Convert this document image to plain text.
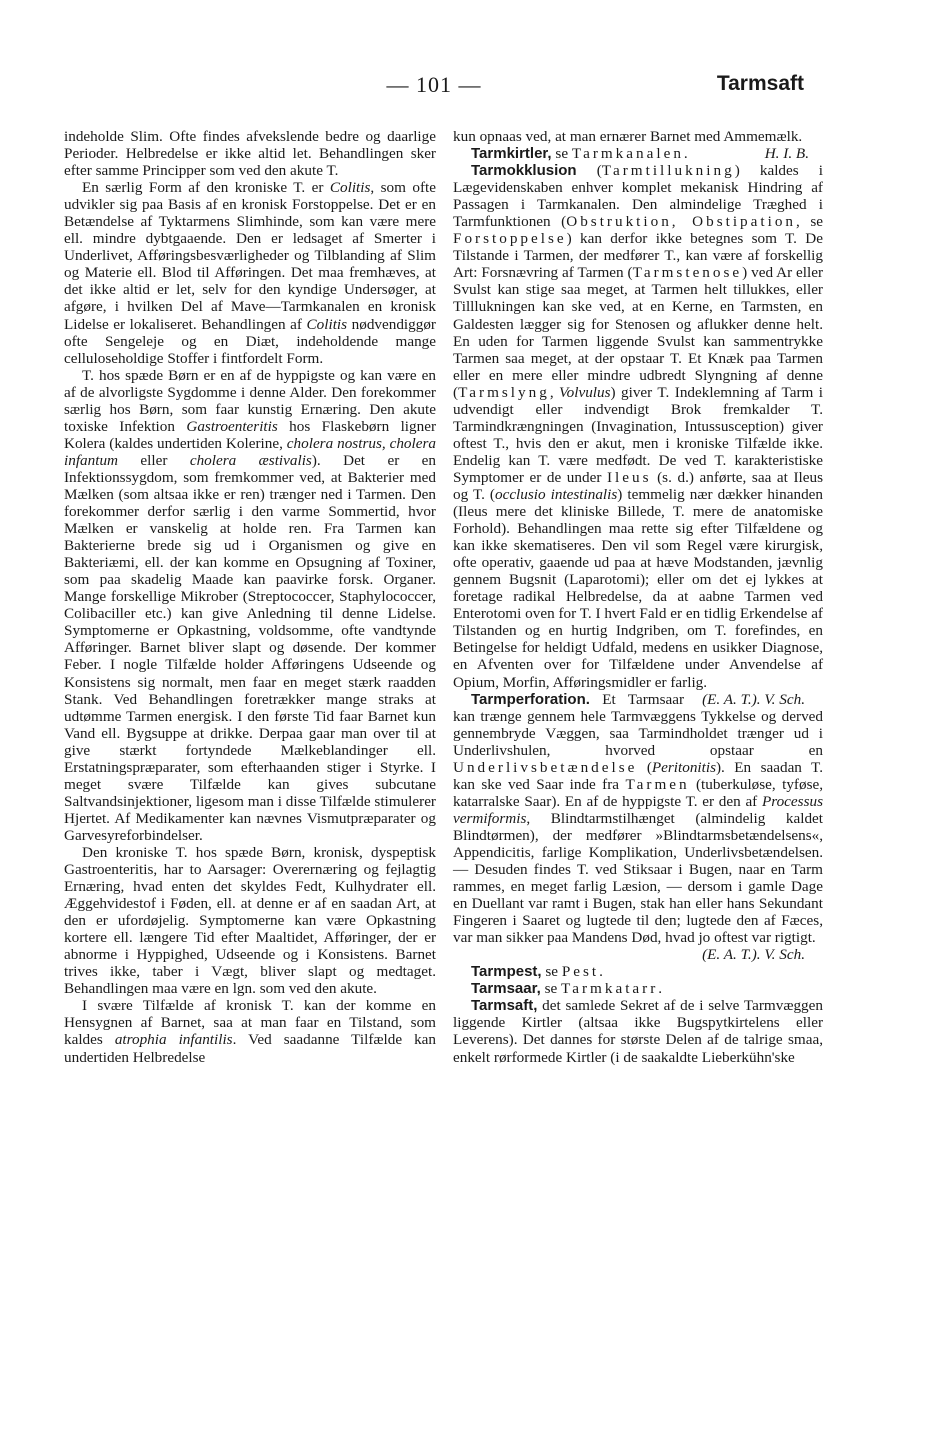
— 101 —	Tarmsaft

indeholde Slim. Ofte findes afvekslende bedre og daarlige Perioder. Helbredelse er ikke altid let. Behandlingen sker efter samme Principper som ved den akute T.

En særlig Form af den kroniske T. er Colitis, som ofte udvikler sig paa Basis af en kronisk Forstoppelse. Det er en Betændelse af Tyktarmens Slimhinde, som kan være mere ell. mindre dybtgaaende. Den er ledsaget af Smerter i Underlivet, Afføringsbesværligheder og Tilblanding af Slim og Materie ell. Blod til Afføringen. Det maa fremhæves, at det ikke altid er let, selv for den kyndige Undersøger, at afgøre, i hvilken Del af Mave—Tarmkanalen en kronisk Lidelse er lokaliseret. Behandlingen af Colitis nødvendiggør ofte Sengeleje og en Diæt, indeholdende mange celluloseholdige Stoffer i fintfordelt Form.

T. hos spæde Børn er en af de hyppigste og kan være en af de alvorligste Sygdomme i denne Alder. Den forekommer særlig hos Børn, som faar kunstig Ernæring. Den akute toxiske Infektion Gastroenteritis hos Flaskebørn ligner Kolera (kaldes undertiden Kolerine, cholera nostrus, cholera infantum eller cholera æstivalis). Det er en Infektionssygdom, som fremkommer ved, at Bakterier med Mælken (som altsaa ikke er ren) trænger ned i Tarmen. Den forekommer derfor særlig i den varme Sommertid, hvor Mælken er vanskelig at holde ren. Fra Tarmen kan Bakterierne brede sig ud i Organismen og give en Bakteriæmi, ell. der kan komme en Opsugning af Toxiner, som paa skadelig Maade kan paavirke forsk. Organer. Mange forskellige Mikrober (Streptococcer, Staphylococcer, Colibaciller etc.) kan give Anledning til denne Lidelse. Symptomerne er Opkastning, voldsomme, ofte vandtynde Afføringer. Barnet bliver slapt og døsende. Der kommer Feber. I nogle Tilfælde holder Afføringens Udseende og Konsistens sig normalt, men faar en meget stærk raadden Stank. Ved Behandlingen foretrækker mange straks at udtømme Tarmen energisk. I den første Tid faar Barnet kun Vand ell. Bygsuppe at drikke. Derpaa gaar man over til at give stærkt fortyndede Mælkeblandinger ell. Erstatningspræparater, som efterhaanden stiger i Styrke. I meget svære Tilfælde kan gives subcutane Saltvandsinjektioner, ligesom man i disse Tilfælde stimulerer Hjertet. Af Medikamenter kan nævnes Vismutpræparater og Garvesyreforbindelser.

Den kroniske T. hos spæde Børn, kronisk, dyspeptisk Gastroenteritis, har to Aarsager: Overernæring og fejlagtig Ernæring, hvad enten det skyldes Fedt, Kulhydrater ell. Æggehvidestof i Føden, ell. at denne er af en saadan Art, at den er ufordøjelig. Symptomerne kan være Opkastning kortere ell. længere Tid efter Maaltidet, Afføringer, der er abnorme i Hyppighed, Udseende og i Konsistens. Barnet trives ikke, taber i Vægt, bliver slapt og medtaget. Behandlingen maa være en lgn. som ved den akute.

I svære Tilfælde af kronisk T. kan der komme en Hensygnen af Barnet, saa at man faar en Tilstand, som kaldes atrophia infantilis. Ved saadanne Tilfælde kan undertiden Helbredelse

kun opnaas ved, at man ernærer Barnet med Ammemælk.
H. I. B.

Tarmkirtler, se Tarmkanalen.

Tarmokklusion (Tarmtillukning) kaldes i Lægevidenskaben enhver komplet mekanisk Hindring af Passagen i Tarmkanalen. Den almindelige Træghed i Tarmfunktionen (Obstruktion, Obstipation, se Forstoppelse) kan derfor ikke betegnes som T. De Tilstande i Tarmen, der medfører T., kan være af forskellig Art: Forsnævring af Tarmen (Tarmstenose) ved Ar eller Svulst kan stige saa meget, at Tarmen helt tillukkes, eller Tilllukningen kan ske ved, at en Kerne, en Tarmsten, en Galdesten lægger sig for Stenosen og aflukker denne helt. En uden for Tarmen liggende Svulst kan sammentrykke Tarmen saa meget, at der opstaar T. Et Knæk paa Tarmen eller en mere eller mindre udbredt Slyngning af denne (Tarmslyng, Volvulus) giver T. Indeklemning af Tarm i udvendigt eller indvendigt Brok fremkalder T. Tarmindkrængningen (Invagination, Intussusception) giver oftest T., hvis den er akut, men i kroniske Tilfælde ikke. Endelig kan T. være medfødt. De ved T. karakteristiske Symptomer er de under Ileus (s. d.) anførte, saa at Ileus og T. (occlusio intestinalis) temmelig nær dækker hinanden (Ileus mere det kliniske Billede, T. mere de anatomiske Forhold). Behandlingen maa rette sig efter Tilfældene og kan ikke skematiseres. Den vil som Regel være kirurgisk, ofte operativ, gaaende ud paa at hæve Modstanden, jævnlig gennem Bugsnit (Laparotomi); eller om det ej lykkes at foretage radikal Helbredelse, da at aabne Tarmen ved Enterotomi oven for T. I hvert Fald er en tidlig Erkendelse af Tilstanden og en hurtig Indgriben, om T. forefindes, en Betingelse for heldigt Udfald, medens en usikker Diagnose, en Afventen over for Tilfældene under Anvendelse af Opium, Morfin, Afføringsmidler er farlig.
(E. A. T.). V. Sch.

Tarmperforation. Et Tarmsaar kan trænge gennem hele Tarmvæggens Tykkelse og derved gennembryde Væggen, saa Tarmindholdet trænger ud i Underlivshulen, hvorved opstaar en Underlivsbetændelse (Peritonitis). En saadan T. kan ske ved Saar inde fra Tarmen (tuberkuløse, tyføse, katarralske Saar). En af de hyppigste T. er den af Processus vermiformis, Blindtarmstilhænget (almindelig kaldet Blindtørmen), der medfører »Blindtarmsbetændelsens«, Appendicitis, farlige Komplikation, Underlivsbetændelsen. — Desuden findes T. ved Stiksaar i Bugen, naar en Tarm rammes, en meget farlig Læsion, — dersom i gamle Dage en Duellant var ramt i Bugen, stak han eller hans Sekundant Fingeren i Saaret og lugtede til den; lugtede den af Fæces, var man sikker paa Mandens Død, hvad jo oftest var rigtigt.
(E. A. T.). V. Sch.

Tarmpest, se Pest.

Tarmsaar, se Tarmkatarr.

Tarmsaft, det samlede Sekret af de i selve Tarmvæggen liggende Kirtler (altsaa ikke Bugspytkirtelens eller Leverens). Det dannes for største Delen af de talrige smaa, enkelt rørformede Kirtler (i de saakaldte Lieberkühn'ske
